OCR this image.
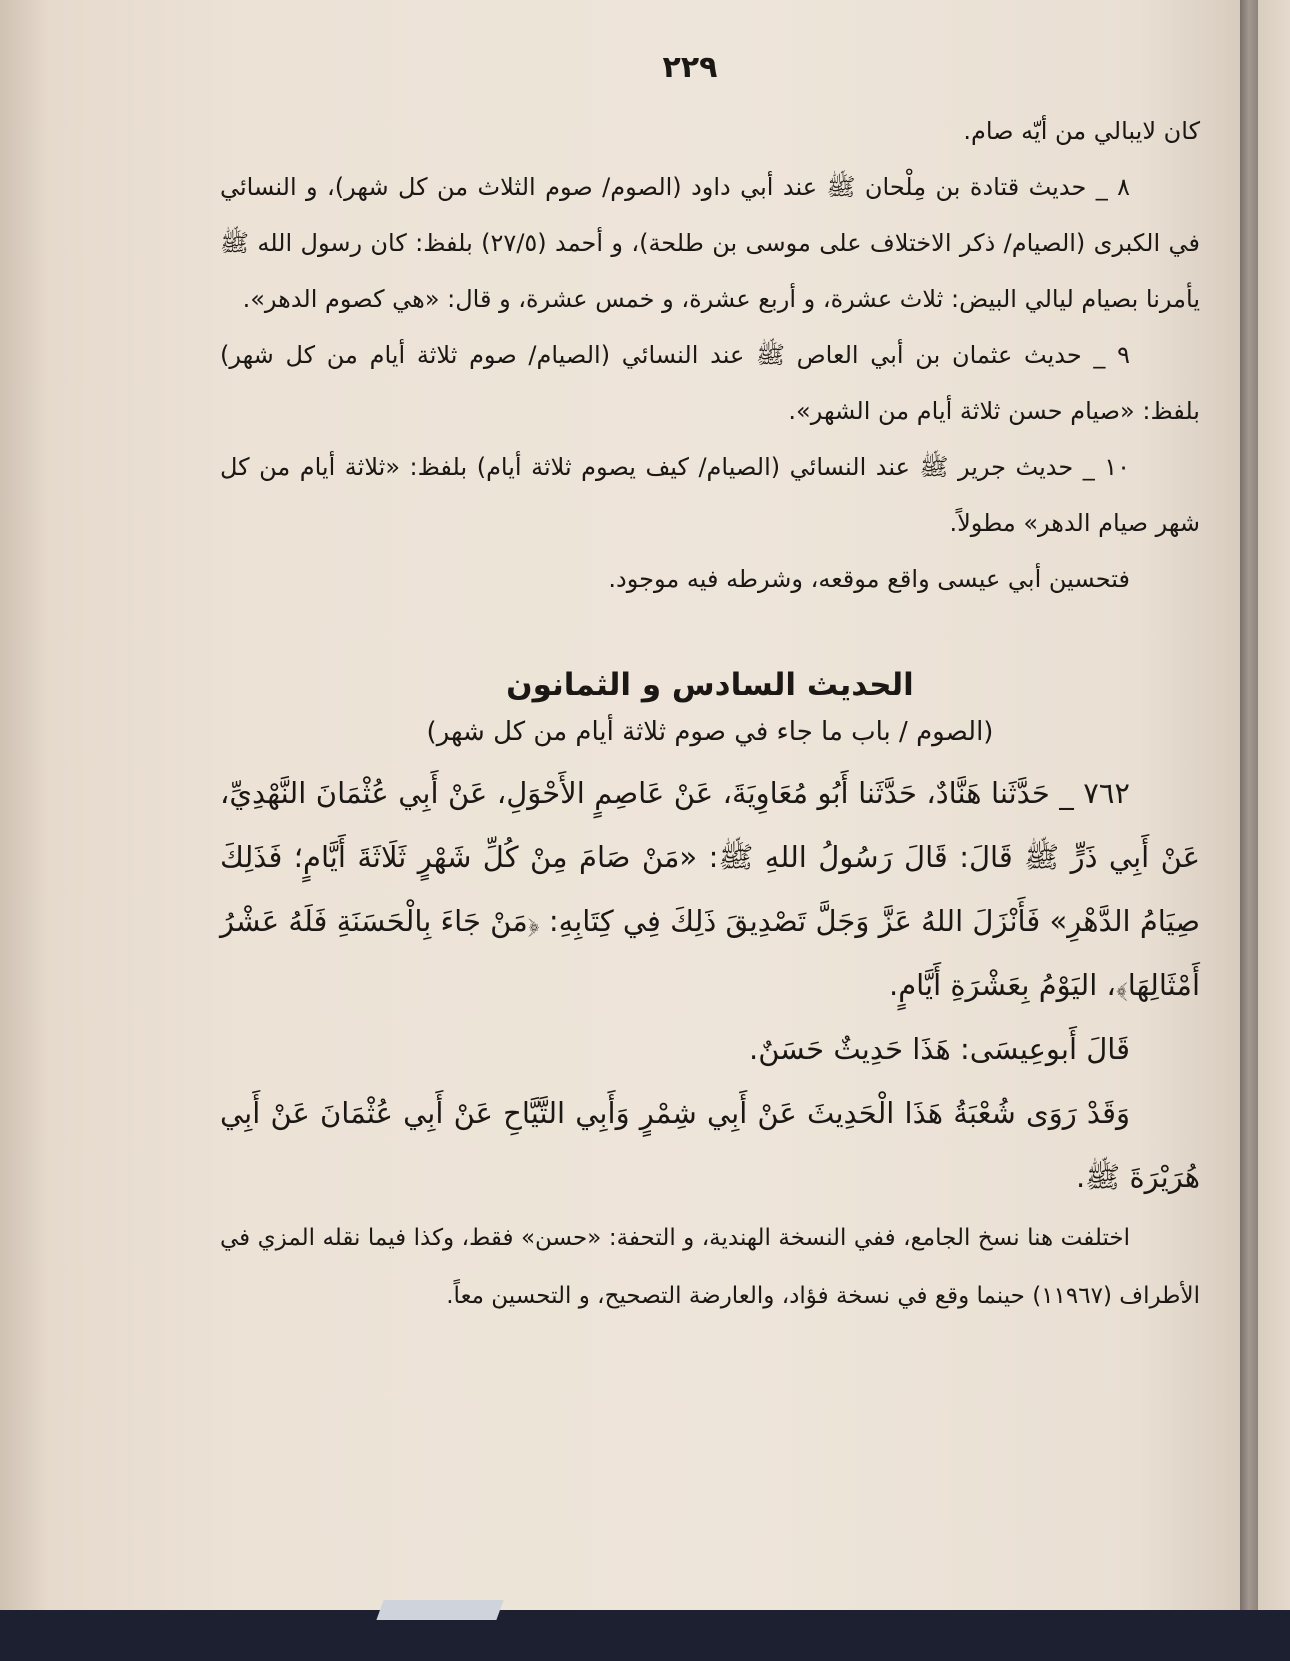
٢٢٩

كان لايبالي من أيّه صام.

٨ _ حديث قتادة بن مِلْحان ﷺ عند أبي داود (الصوم/ صوم الثلاث من كل شهر)، و النسائي في الكبرى (الصيام/ ذكر الاختلاف على موسى بن طلحة)، و أحمد (٢٧/٥) بلفظ: كان رسول الله ﷺ يأمرنا بصيام ليالي البيض: ثلاث عشرة، و أربع عشرة، و خمس عشرة، و قال: «هي كصوم الدهر».

٩ _ حديث عثمان بن أبي العاص ﷺ عند النسائي (الصيام/ صوم ثلاثة أيام من كل شهر) بلفظ: «صيام حسن ثلاثة أيام من الشهر».

١٠ _ حديث جرير ﷺ عند النسائي (الصيام/ كيف يصوم ثلاثة أيام) بلفظ: «ثلاثة أيام من كل شهر صيام الدهر» مطولاً.

فتحسين أبي عيسى واقع موقعه، وشرطه فيه موجود.

الحديث السادس و الثمانون
(الصوم / باب ما جاء في صوم ثلاثة أيام من كل شهر)

٧٦٢ _ حَدَّثَنا هَنَّادٌ، حَدَّثَنا أَبُو مُعَاوِيَةَ، عَنْ عَاصِمٍ الأَحْوَلِ، عَنْ أَبِي عُثْمَانَ النَّهْدِيِّ، عَنْ أَبِي ذَرٍّ ﷺ قَالَ: قَالَ رَسُولُ اللهِ ﷺ: «مَنْ صَامَ مِنْ كُلِّ شَهْرٍ ثَلَاثَةَ أَيَّامٍ؛ فَذَلِكَ صِيَامُ الدَّهْرِ» فَأَنْزَلَ اللهُ عَزَّ وَجَلَّ تَصْدِيقَ ذَلِكَ فِي كِتَابِهِ: ﴿مَنْ جَاءَ بِالْحَسَنَةِ فَلَهُ عَشْرُ أَمْثَالِهَا﴾، اليَوْمُ بِعَشْرَةِ أَيَّامٍ.

قَالَ أَبوعِيسَى: هَذَا حَدِيثٌ حَسَنٌ.

وَقَدْ رَوَى شُعْبَةُ هَذَا الْحَدِيثَ عَنْ أَبِي شِمْرٍ وَأَبِي التَّيَّاحِ عَنْ أَبِي عُثْمَانَ عَنْ أَبِي هُرَيْرَةَ ﷺ.

اختلفت هنا نسخ الجامع، ففي النسخة الهندية، و التحفة: «حسن» فقط، وكذا فيما نقله المزي في الأطراف (١١٩٦٧) حينما وقع في نسخة فؤاد، والعارضة التصحيح، و التحسين معاً.
